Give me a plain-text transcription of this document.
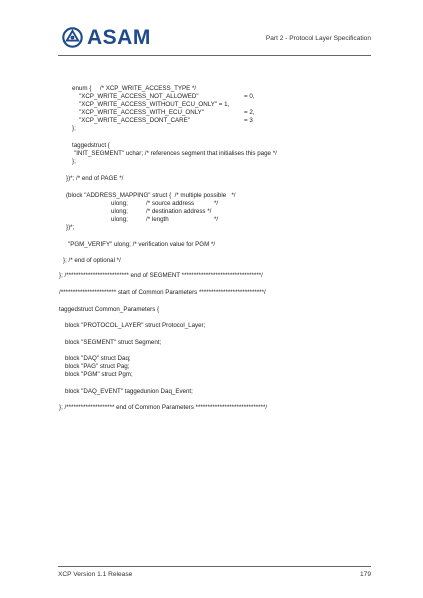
ASAM	Part 2 - Protocol Layer Specification
enum {     /* XCP_WRITE_ACCESS_TYPE */
"XCP_WRITE_ACCESS_NOT_ALLOWED"	= 0,
"XCP_WRITE_ACCESS_WITHOUT_ECU_ONLY" = 1,
"XCP_WRITE_ACCESS_WITH_ECU_ONLY"	= 2,
"XCP_WRITE_ACCESS_DONT_CARE"	= 3
};
taggedstruct {
"INIT_SEGMENT" uchar; /* references segment that initialises this page */
};
})*; /* end of PAGE */
(block "ADDRESS_MAPPING" struct {  /* multiple possible   */
ulong;	/* source address	*/
ulong;	/* destination address */
ulong;	/* length	*/
})*;
"PGM_VERIFY" ulong; /* verification value for PGM */
}; /* end of optional */
}; /************************** end of SEGMENT *********************************/
/*********************** start of Common Parameters ***************************/
taggedstruct Common_Parameters {
block "PROTOCOL_LAYER" struct Protocol_Layer;
block "SEGMENT" struct Segment;
block "DAQ" struct Daq;
block "PAG" struct Pag;
block "PGM" struct Pgm;
block "DAQ_EVENT" taggedunion Daq_Event;
}; /******************** end of Common Parameters *****************************/
XCP Version 1.1 Release	179
